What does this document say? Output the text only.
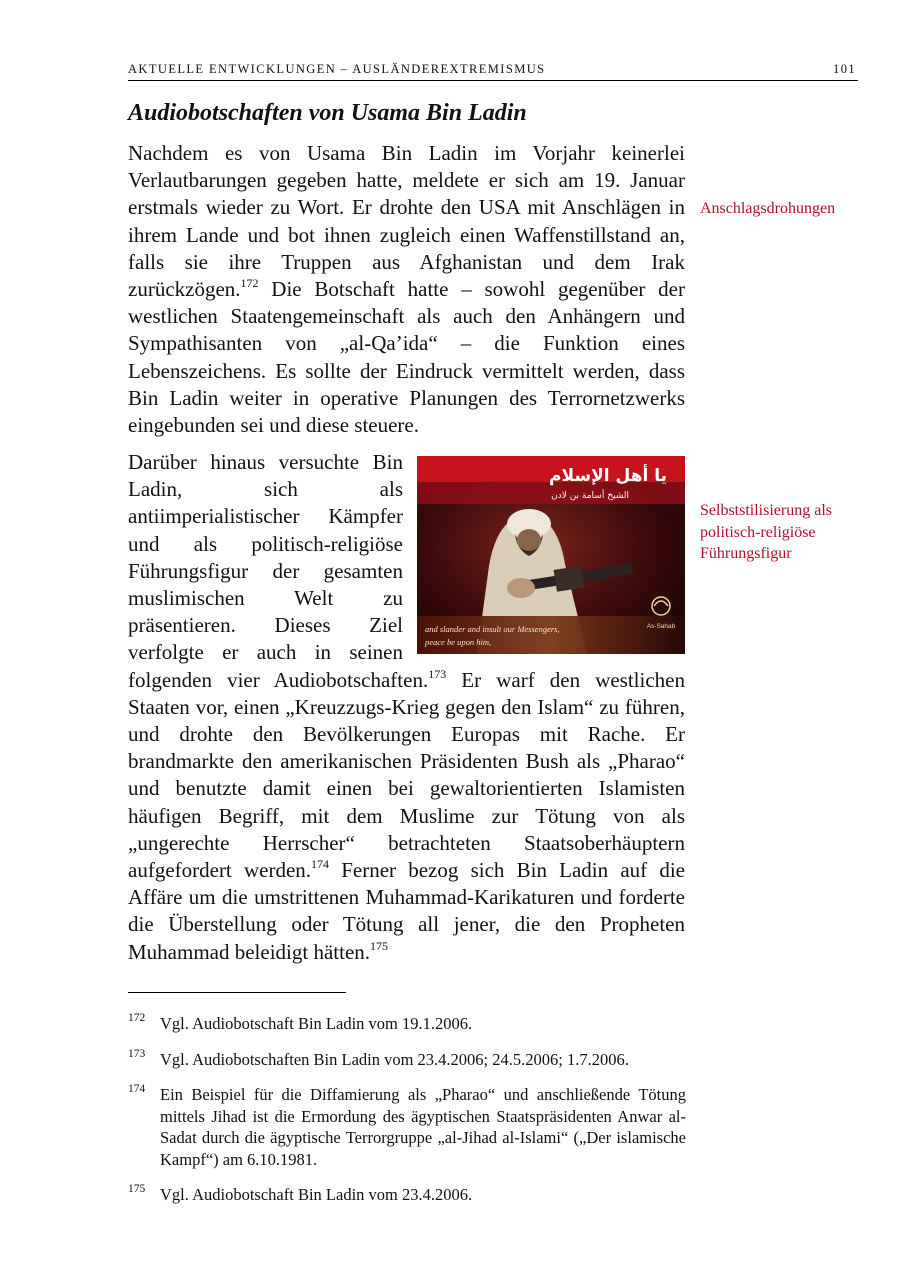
AKTUELLE ENTWICKLUNGEN – AUSLÄNDEREXTREMISMUS	101
Audiobotschaften von Usama Bin Ladin

Nachdem es von Usama Bin Ladin im Vorjahr keinerlei Verlautbarungen gegeben hatte, meldete er sich am 19. Januar erstmals wieder zu Wort. Er drohte den USA mit Anschlägen in ihrem Lande und bot ihnen zugleich einen Waffenstillstand an, falls sie ihre Truppen aus Afghanistan und dem Irak zurückzögen.$^{172}$ Die Botschaft hatte – sowohl gegenüber der westlichen Staatengemeinschaft als auch den Anhängern und Sympathisanten von „al-Qa’ida“ – die Funktion eines Lebenszeichens. Es sollte der Eindruck vermittelt werden, dass Bin Ladin weiter in operative Planungen des Terrornetzwerks eingebunden sei und diese steuere.

يا أهل الإسلام
الشيخ أسامة بن لادن
and slander and insult our Messengers,
peace be upon him,
As-Sahab
Darüber hinaus versuchte Bin Ladin, sich als antiimperialistischer Kämpfer und als politisch-religiöse Führungsfigur der gesamten muslimischen Welt zu präsentieren. Dieses Ziel verfolgte er auch in seinen folgenden vier Audiobotschaften.$^{173}$ Er warf den westlichen Staaten vor, einen „Kreuzzugs-Krieg gegen den Islam“ zu führen, und drohte den Bevölkerungen Europas mit Rache. Er brandmarkte den amerikanischen Präsidenten Bush als „Pharao“ und benutzte damit einen bei gewaltorientierten Islamisten häufigen Begriff, mit dem Muslime zur Tötung von als „ungerechte Herrscher“ betrachteten Staatsoberhäuptern aufgefordert werden.$^{174}$ Ferner bezog sich Bin Ladin auf die Affäre um die umstrittenen Muhammad-Karikaturen und forderte die Überstellung oder Tötung all jener, die den Propheten Muhammad beleidigt hätten.$^{175}$

Anschlagsdrohungen
Selbststilisierung als politisch-religiöse Führungsfigur
172 Vgl. Audiobotschaft Bin Ladin vom 19.1.2006.
173 Vgl. Audiobotschaften Bin Ladin vom 23.4.2006; 24.5.2006; 1.7.2006.
174 Ein Beispiel für die Diffamierung als „Pharao“ und anschließende Tötung mittels Jihad ist die Ermordung des ägyptischen Staatspräsidenten Anwar al-Sadat durch die ägyptische Terrorgruppe „al-Jihad al-Islami“ („Der islamische Kampf“) am 6.10.1981.
175 Vgl. Audiobotschaft Bin Ladin vom 23.4.2006.
